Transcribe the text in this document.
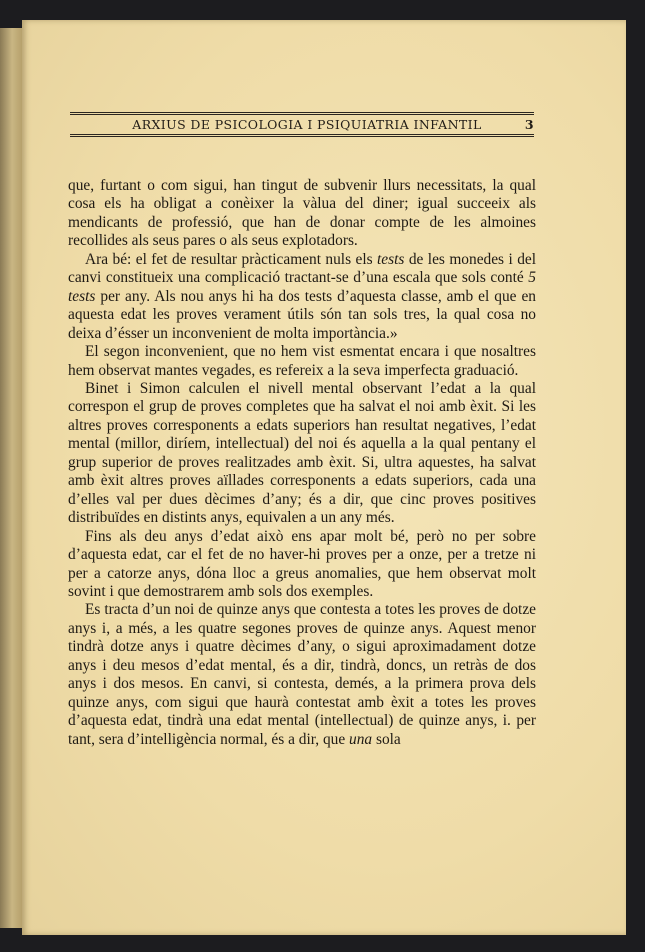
ARXIUS DE PSICOLOGIA I PSIQUIATRIA INFANTIL	3

que, furtant o com sigui, han tingut de subvenir llurs necessitats, la qual cosa els ha obligat a conèixer la vàlua del diner; igual succeeix als mendicants de professió, que han de donar compte de les almoines recollides als seus pares o als seus explotadors.

Ara bé: el fet de resultar pràcticament nuls els tests de les monedes i del canvi constitueix una complicació tractant-se d’una escala que sols conté 5 tests per any. Als nou anys hi ha dos tests d’aquesta classe, amb el que en aquesta edat les proves verament útils són tan sols tres, la qual cosa no deixa d’ésser un inconvenient de molta importància.»

El segon inconvenient, que no hem vist esmentat encara i que nosaltres hem observat mantes vegades, es refereix a la seva imperfecta graduació.

Binet i Simon calculen el nivell mental observant l’edat a la qual correspon el grup de proves completes que ha salvat el noi amb èxit. Si les altres proves corresponents a edats superiors han resultat negatives, l’edat mental (millor, diríem, intellectual) del noi és aquella a la qual pentany el grup superior de proves realitzades amb èxit. Si, ultra aquestes, ha salvat amb èxit altres proves aïllades corresponents a edats superiors, cada una d’elles val per dues dècimes d’any; és a dir, que cinc proves positives distribuïdes en distints anys, equivalen a un any més.

Fins als deu anys d’edat això ens apar molt bé, però no per sobre d’aquesta edat, car el fet de no haver-hi proves per a onze, per a tretze ni per a catorze anys, dóna lloc a greus anomalies, que hem observat molt sovint i que demostrarem amb sols dos exemples.

Es tracta d’un noi de quinze anys que contesta a totes les proves de dotze anys i, a més, a les quatre segones proves de quinze anys. Aquest menor tindrà dotze anys i quatre dècimes d’any, o sigui aproximadament dotze anys i deu mesos d’edat mental, és a dir, tindrà, doncs, un retràs de dos anys i dos mesos. En canvi, si contesta, demés, a la primera prova dels quinze anys, com sigui que haurà contestat amb èxit a totes les proves d’aquesta edat, tindrà una edat mental (intellectual) de quinze anys, i. per tant, sera d’intelligència normal, és a dir, que una sola
